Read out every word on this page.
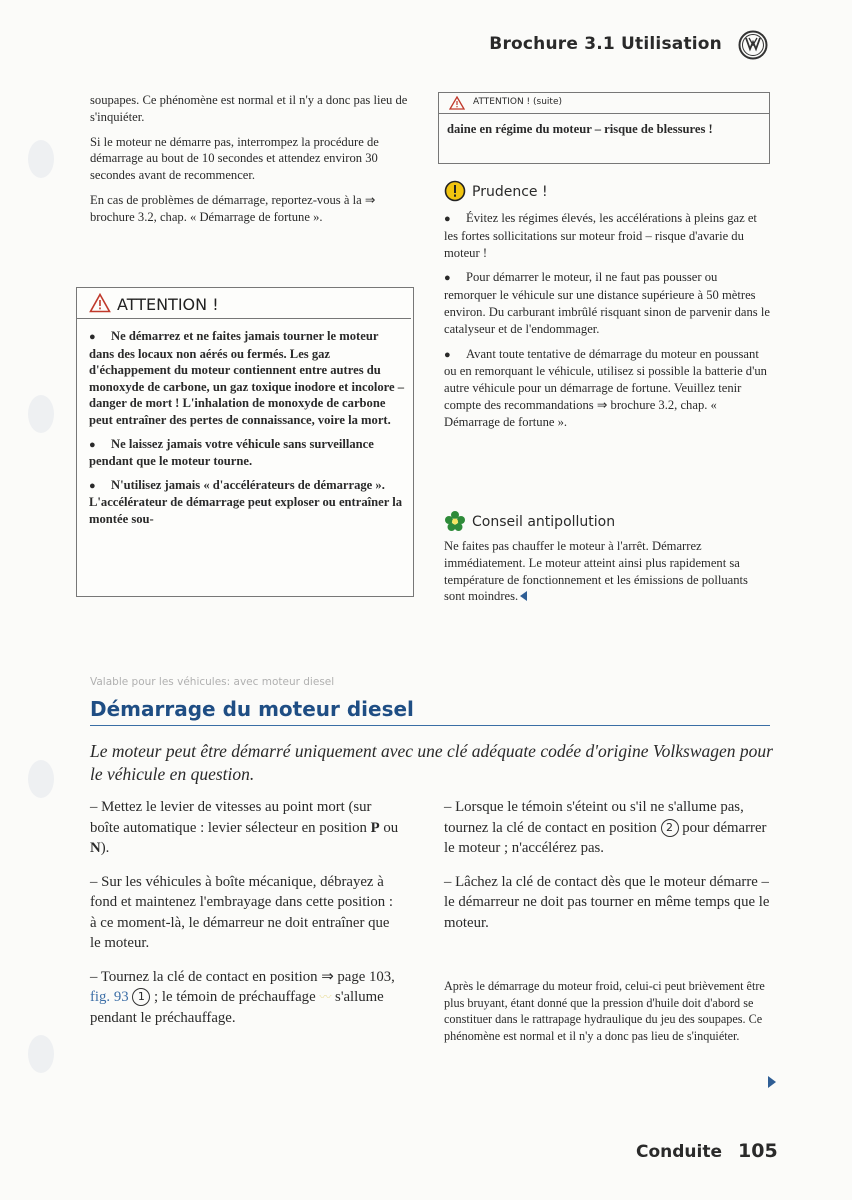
Brochure 3.1 Utilisation

soupapes. Ce phénomène est normal et il n'y a donc pas lieu de s'inquiéter.

Si le moteur ne démarre pas, interrompez la procédure de démarrage au bout de 10 secondes et attendez environ 30 secondes avant de recommencer.

En cas de problèmes de démarrage, reportez-vous à la ⇒ brochure 3.2, chap. « Démarrage de fortune ».

ATTENTION !

● Ne démarrez et ne faites jamais tourner le moteur dans des locaux non aérés ou fermés. Les gaz d'échappement du moteur contiennent entre autres du monoxyde de carbone, un gaz toxique inodore et incolore – danger de mort ! L'inhalation de monoxyde de carbone peut entraîner des pertes de connaissance, voire la mort.

● Ne laissez jamais votre véhicule sans surveillance pendant que le moteur tourne.

● N'utilisez jamais « d'accélérateurs de démarrage ». L'accélérateur de démarrage peut exploser ou entraîner la montée sou-

ATTENTION ! (suite)
daine en régime du moteur – risque de blessures !
Prudence !

● Évitez les régimes élevés, les accélérations à pleins gaz et les fortes sollicitations sur moteur froid – risque d'avarie du moteur !

● Pour démarrer le moteur, il ne faut pas pousser ou remorquer le véhicule sur une distance supérieure à 50 mètres environ. Du carburant imbrûlé risquant sinon de parvenir dans le catalyseur et de l'endommager.

● Avant toute tentative de démarrage du moteur en poussant ou en remorquant le véhicule, utilisez si possible la batterie d'un autre véhicule pour un démarrage de fortune. Veuillez tenir compte des recommandations ⇒ brochure 3.2, chap. « Démarrage de fortune ».

Conseil antipollution

Ne faites pas chauffer le moteur à l'arrêt. Démarrez immédiatement. Le moteur atteint ainsi plus rapidement sa température de fonctionnement et les émissions de polluants sont moindres.

Valable pour les véhicules: avec moteur diesel
Démarrage du moteur diesel
Le moteur peut être démarré uniquement avec une clé adéquate codée d'origine Volkswagen pour le véhicule en question.

– Mettez le levier de vitesses au point mort (sur boîte automatique : levier sélecteur en position P ou N).

– Sur les véhicules à boîte mécanique, débrayez à fond et maintenez l'embrayage dans cette position : à ce moment-là, le démarreur ne doit entraîner que le moteur.

– Tournez la clé de contact en position ⇒ page 103, fig. 93 1 ; le témoin de préchauffage 〰 s'allume pendant le préchauffage.

– Lorsque le témoin s'éteint ou s'il ne s'allume pas, tournez la clé de contact en position 2 pour démarrer le moteur ; n'accélérez pas.

– Lâchez la clé de contact dès que le moteur démarre – le démarreur ne doit pas tourner en même temps que le moteur.

Après le démarrage du moteur froid, celui-ci peut brièvement être plus bruyant, étant donné que la pression d'huile doit d'abord se constituer dans le rattrapage hydraulique du jeu des soupapes. Ce phénomène est normal et il n'y a donc pas lieu de s'inquiéter.

Conduite 105
